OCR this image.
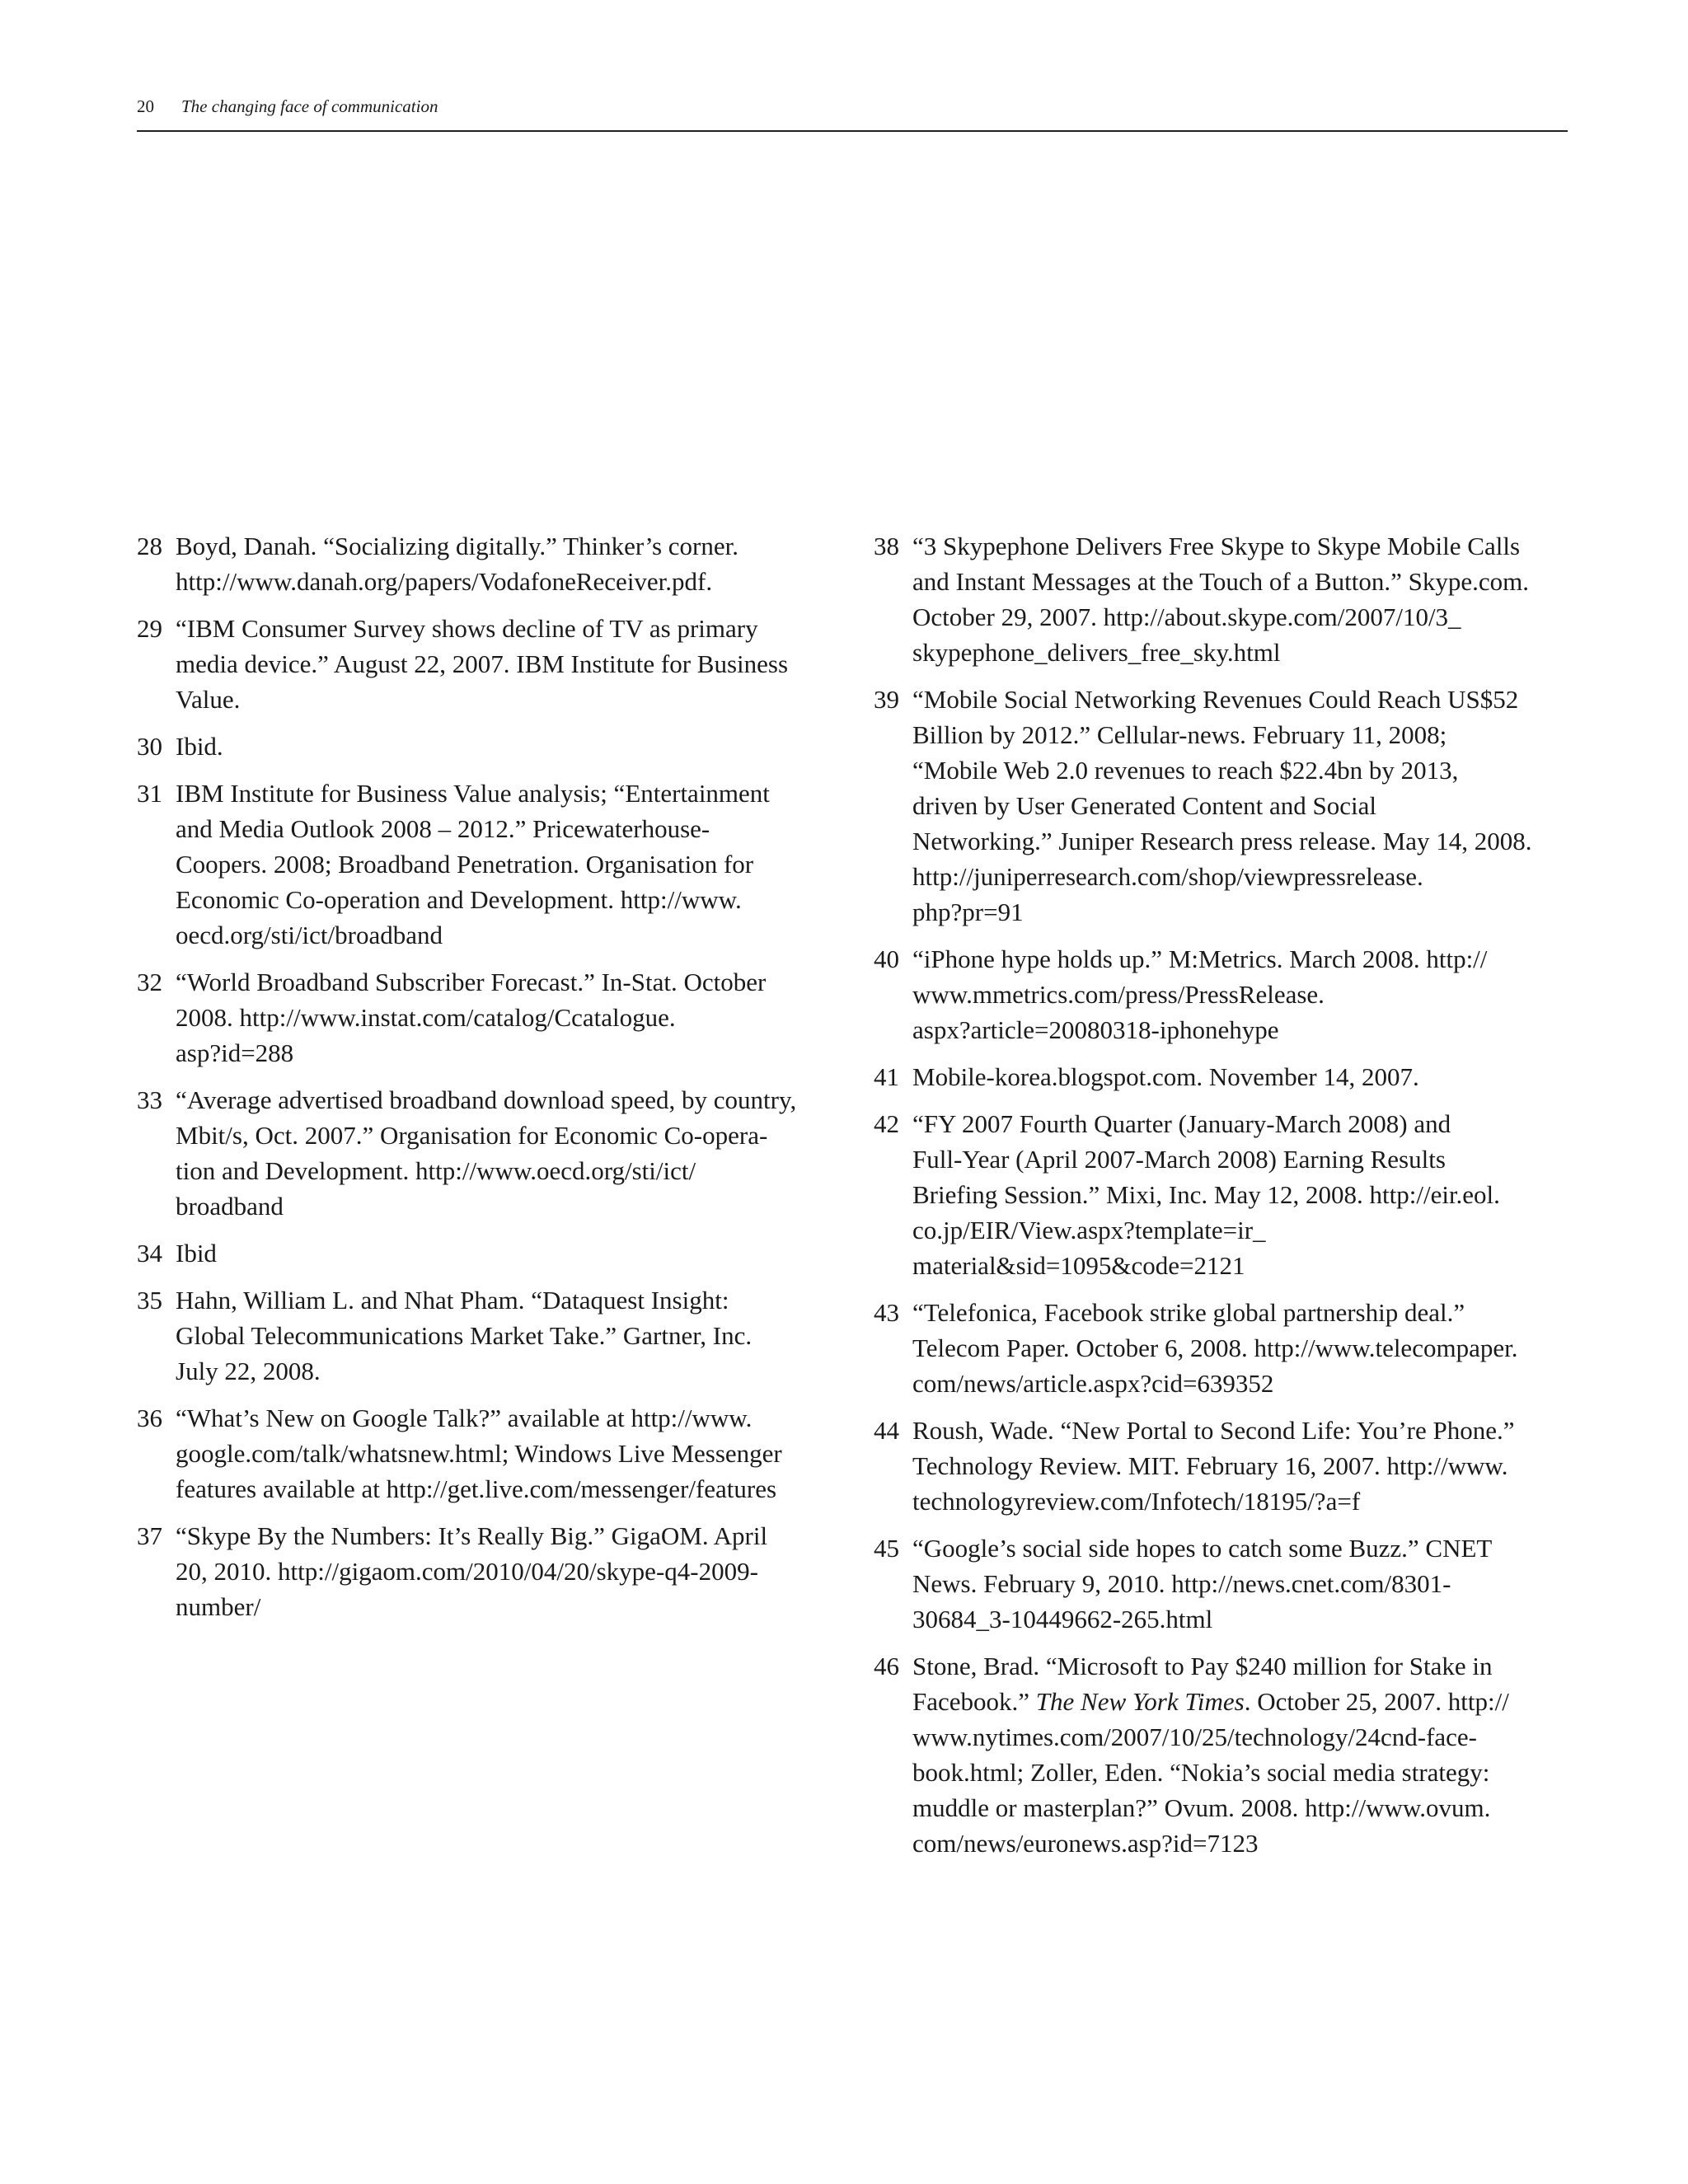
20 The changing face of communication
28 Boyd, Danah. “Socializing digitally.” Thinker’s corner.
http://www.danah.org/papers/VodafoneReceiver.pdf.
29 “IBM Consumer Survey shows decline of TV as primary
media device.” August 22, 2007. IBM Institute for Business
Value.
30 Ibid.
31 IBM Institute for Business Value analysis; “Entertainment
and Media Outlook 2008 – 2012.” Pricewaterhouse-
Coopers. 2008; Broadband Penetration. Organisation for
Economic Co-operation and Development. http://www.
oecd.org/sti/ict/broadband
32 “World Broadband Subscriber Forecast.” In-Stat. October
2008. http://www.instat.com/catalog/Ccatalogue.
asp?id=288
33 “Average advertised broadband download speed, by country,
Mbit/s, Oct. 2007.” Organisation for Economic Co-opera-
tion and Development. http://www.oecd.org/sti/ict/
broadband
34 Ibid
35 Hahn, William L. and Nhat Pham. “Dataquest Insight:
Global Telecommunications Market Take.” Gartner, Inc.
July 22, 2008.
36 “What’s New on Google Talk?” available at http://www.
google.com/talk/whatsnew.html; Windows Live Messenger
features available at http://get.live.com/messenger/features
37 “Skype By the Numbers: It’s Really Big.” GigaOM. April
20, 2010. http://gigaom.com/2010/04/20/skype-q4-2009-
number/
38 “3 Skypephone Delivers Free Skype to Skype Mobile Calls
and Instant Messages at the Touch of a Button.” Skype.com.
October 29, 2007. http://about.skype.com/2007/10/3_
skypephone_delivers_free_sky.html
39 “Mobile Social Networking Revenues Could Reach US$52
Billion by 2012.” Cellular-news. February 11, 2008;
“Mobile Web 2.0 revenues to reach $22.4bn by 2013,
driven by User Generated Content and Social
Networking.” Juniper Research press release. May 14, 2008.
http://juniperresearch.com/shop/viewpressrelease.
php?pr=91
40 “iPhone hype holds up.” M:Metrics. March 2008. http://
www.mmetrics.com/press/PressRelease.
aspx?article=20080318-iphonehype
41 Mobile-korea.blogspot.com. November 14, 2007.
42 “FY 2007 Fourth Quarter (January-March 2008) and
Full-Year (April 2007-March 2008) Earning Results
Briefing Session.” Mixi, Inc. May 12, 2008. http://eir.eol.
co.jp/EIR/View.aspx?template=ir_
material&sid=1095&code=2121
43 “Telefonica, Facebook strike global partnership deal.”
Telecom Paper. October 6, 2008. http://www.telecompaper.
com/news/article.aspx?cid=639352
44 Roush, Wade. “New Portal to Second Life: You’re Phone.”
Technology Review. MIT. February 16, 2007. http://www.
technologyreview.com/Infotech/18195/?a=f
45 “Google’s social side hopes to catch some Buzz.” CNET
News. February 9, 2010. http://news.cnet.com/8301-
30684_3-10449662-265.html
46 Stone, Brad. “Microsoft to Pay $240 million for Stake in
Facebook.” The New York Times. October 25, 2007. http://
www.nytimes.com/2007/10/25/technology/24cnd-face-
book.html; Zoller, Eden. “Nokia’s social media strategy:
muddle or masterplan?” Ovum. 2008. http://www.ovum.
com/news/euronews.asp?id=7123
